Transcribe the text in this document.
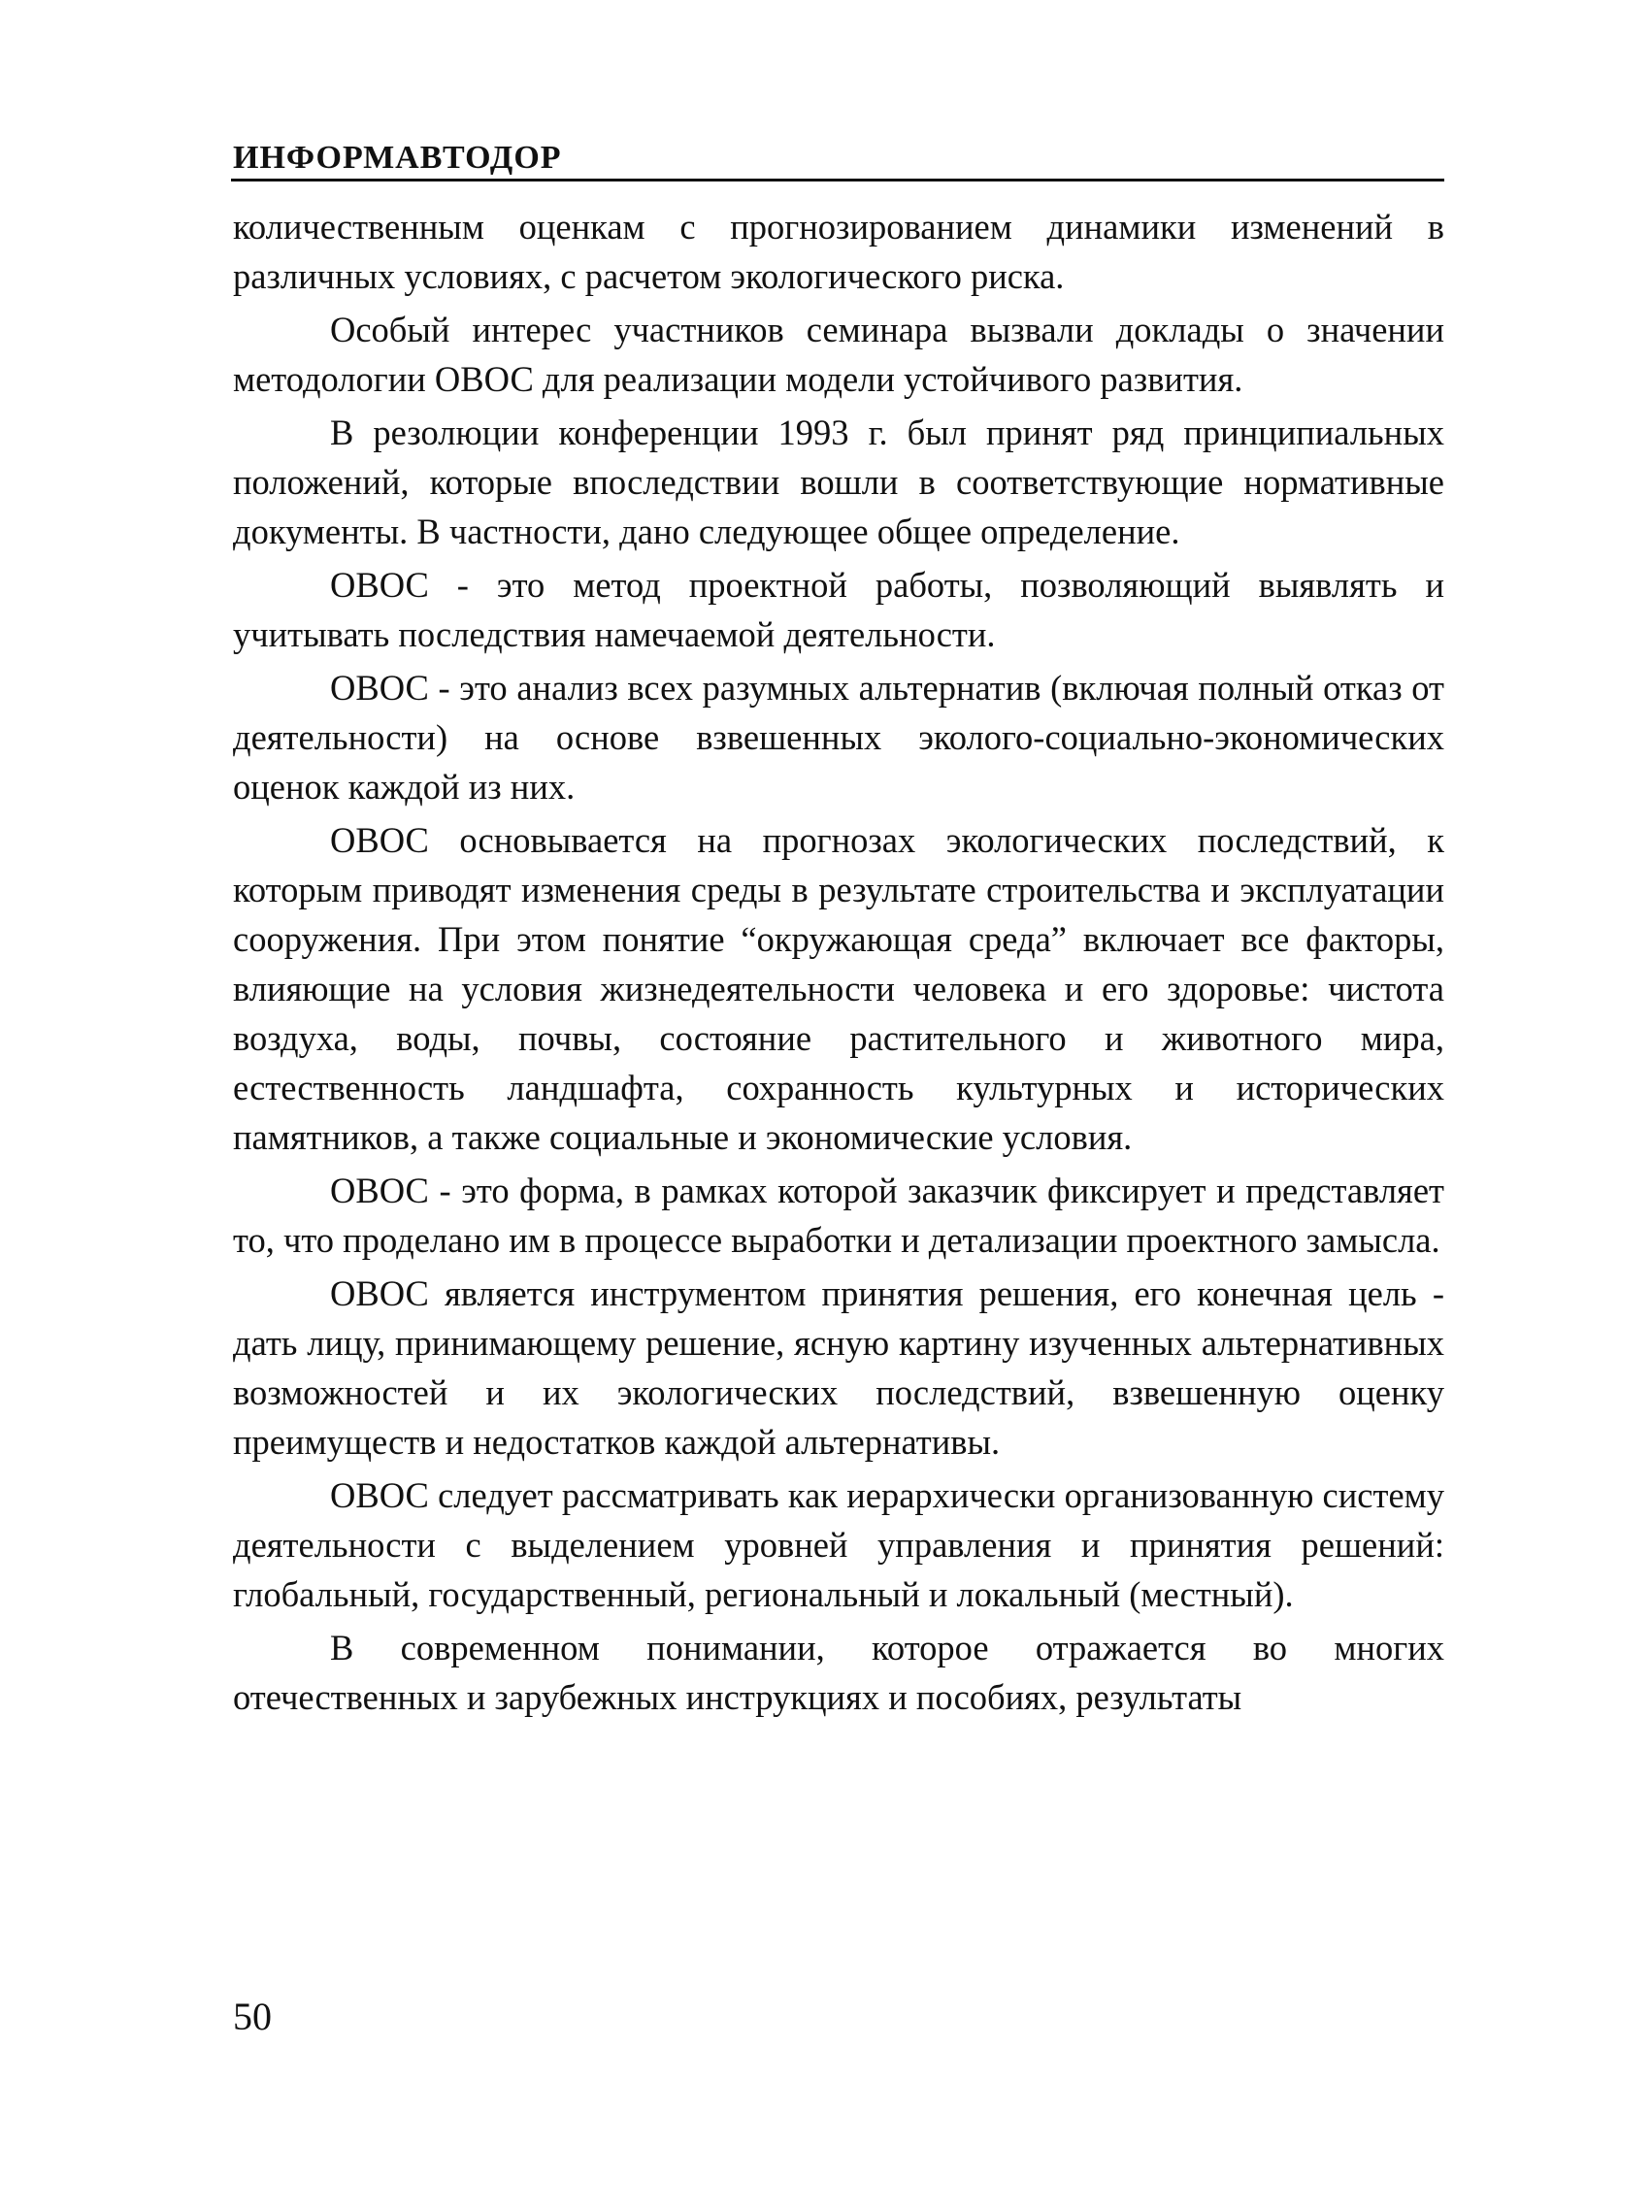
ИНФОРМАВТОДОР

количественным оценкам с прогнозированием динамики изменений в различных условиях, с расчетом экологического риска.

Особый интерес участников семинара вызвали доклады о значении методологии ОВОС для реализации модели устойчивого развития.

В резолюции конференции 1993 г. был принят ряд принципиальных положений, которые впоследствии вошли в соответствующие нормативные документы. В частности, дано следующее общее определение.

ОВОС - это метод проектной работы, позволяющий выявлять и учитывать последствия намечаемой деятельности.

ОВОС - это анализ всех разумных альтернатив (включая полный отказ от деятельности) на основе взвешенных эколого-социально-экономических оценок каждой из них.

ОВОС основывается на прогнозах экологических последствий, к которым приводят изменения среды в результате строительства и эксплуатации сооружения. При этом понятие “окружающая среда” включает все факторы, влияющие на условия жизнедеятельности человека и его здоровье: чистота воздуха, воды, почвы, состояние растительного и животного мира, естественность ландшафта, сохранность культурных и исторических памятников, а также социальные и экономические условия.

ОВОС - это форма, в рамках которой заказчик фиксирует и представляет то, что проделано им в процессе выработки и детализации проектного замысла.

ОВОС является инструментом принятия решения, его конечная цель - дать лицу, принимающему решение, ясную картину изученных альтернативных возможностей и их экологических последствий, взвешенную оценку преимуществ и недостатков каждой альтернативы.

ОВОС следует рассматривать как иерархически организованную систему деятельности с выделением уровней управления и принятия решений: глобальный, государственный, региональный и локальный (местный).

В современном понимании, которое отражается во многих отечественных и зарубежных инструкциях и пособиях, результаты

50
